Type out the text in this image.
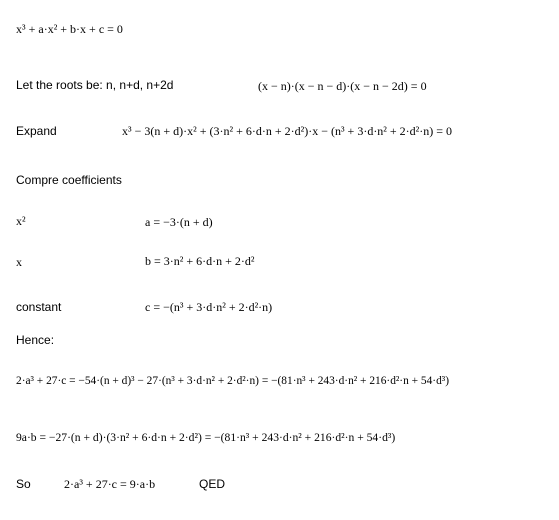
x³ + a·x² + b·x + c = 0
Let the roots be: n, n+d, n+2d	(x − n)·(x − n − d)·(x − n − 2d) = 0
Expand	x³ − 3(n + d)·x² + (3·n² + 6·d·n + 2·d²)·x − (n³ + 3·d·n² + 2·d²·n) = 0
Compre coefficients
x²	a = −3·(n + d)
x	b = 3·n² + 6·d·n + 2·d²
constant	c = −(n³ + 3·d·n² + 2·d²·n)
Hence:
2·a³ + 27·c = −54·(n + d)³ − 27·(n³ + 3·d·n² + 2·d²·n) = −(81·n³ + 243·d·n² + 216·d²·n + 54·d³)
9a·b = −27·(n + d)·(3·n² + 6·d·n + 2·d²) = −(81·n³ + 243·d·n² + 216·d²·n + 54·d³)
So	2·a³ + 27·c = 9·a·b	QED
